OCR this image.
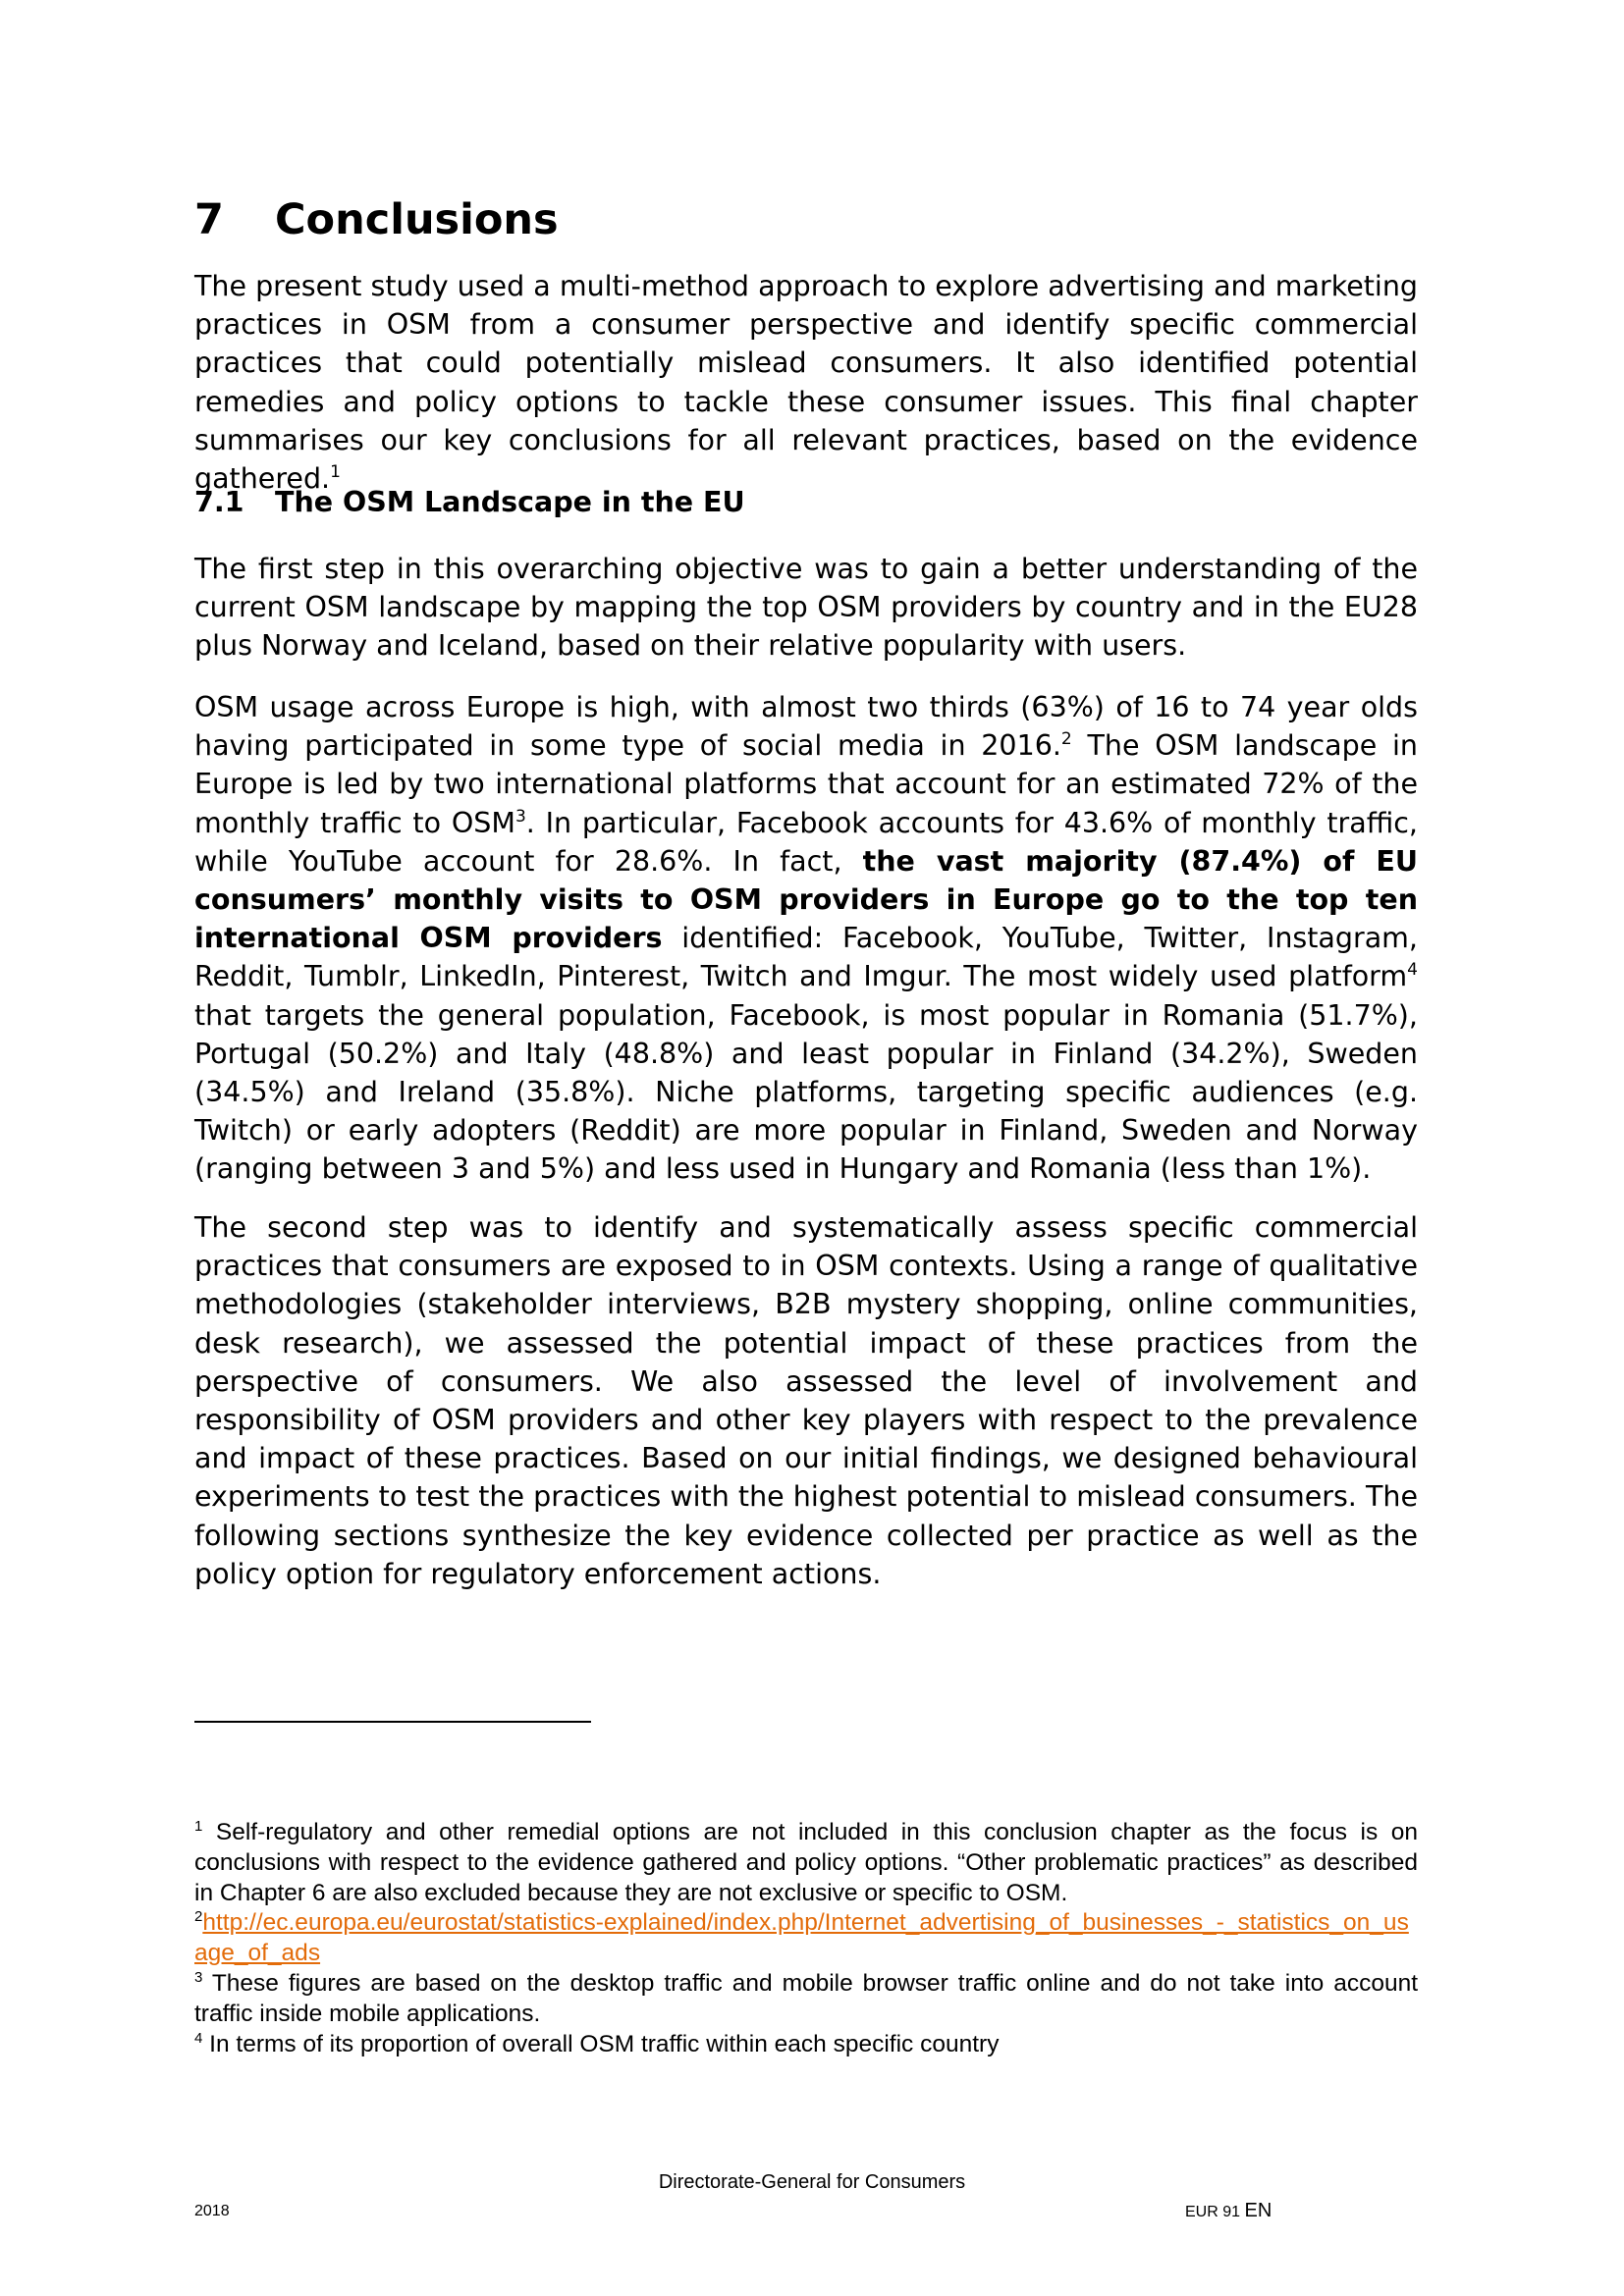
7 Conclusions

The present study used a multi-method approach to explore advertising and marketing practices in OSM from a consumer perspective and identify specific commercial practices that could potentially mislead consumers. It also identified potential remedies and policy options to tackle these consumer issues. This final chapter summarises our key conclusions for all relevant practices, based on the evidence gathered.$^1$

7.1 The OSM Landscape in the EU

The first step in this overarching objective was to gain a better understanding of the current OSM landscape by mapping the top OSM providers by country and in the EU28 plus Norway and Iceland, based on their relative popularity with users.

OSM usage across Europe is high, with almost two thirds (63%) of 16 to 74 year olds having participated in some type of social media in 2016.$^2$ The OSM landscape in Europe is led by two international platforms that account for an estimated 72% of the monthly traffic to OSM$^3$. In particular, Facebook accounts for 43.6% of monthly traffic, while YouTube account for 28.6%. In fact, the vast majority (87.4%) of EU consumers’ monthly visits to OSM providers in Europe go to the top ten international OSM providers identified: Facebook, YouTube, Twitter, Instagram, Reddit, Tumblr, LinkedIn, Pinterest, Twitch and Imgur. The most widely used platform$^4$ that targets the general population, Facebook, is most popular in Romania (51.7%), Portugal (50.2%) and Italy (48.8%) and least popular in Finland (34.2%), Sweden (34.5%) and Ireland (35.8%). Niche platforms, targeting specific audiences (e.g. Twitch) or early adopters (Reddit) are more popular in Finland, Sweden and Norway (ranging between 3 and 5%) and less used in Hungary and Romania (less than 1%).

The second step was to identify and systematically assess specific commercial practices that consumers are exposed to in OSM contexts. Using a range of qualitative methodologies (stakeholder interviews, B2B mystery shopping, online communities, desk research), we assessed the potential impact of these practices from the perspective of consumers. We also assessed the level of involvement and responsibility of OSM providers and other key players with respect to the prevalence and impact of these practices. Based on our initial findings, we designed behavioural experiments to test the practices with the highest potential to mislead consumers. The following sections synthesize the key evidence collected per practice as well as the policy option for regulatory enforcement actions.

$^1$ Self-regulatory and other remedial options are not included in this conclusion chapter as the focus is on conclusions with respect to the evidence gathered and policy options. “Other problematic practices” as described in Chapter 6 are also excluded because they are not exclusive or specific to OSM.

$^2$http://ec.europa.eu/eurostat/statistics-explained/index.php/Internet_advertising_of_businesses_-_statistics_on_usage_of_ads

$^3$ These figures are based on the desktop traffic and mobile browser traffic online and do not take into account traffic inside mobile applications.

$^4$ In terms of its proportion of overall OSM traffic within each specific country

Directorate-General for Consumers
2018	EUR 91 EN
